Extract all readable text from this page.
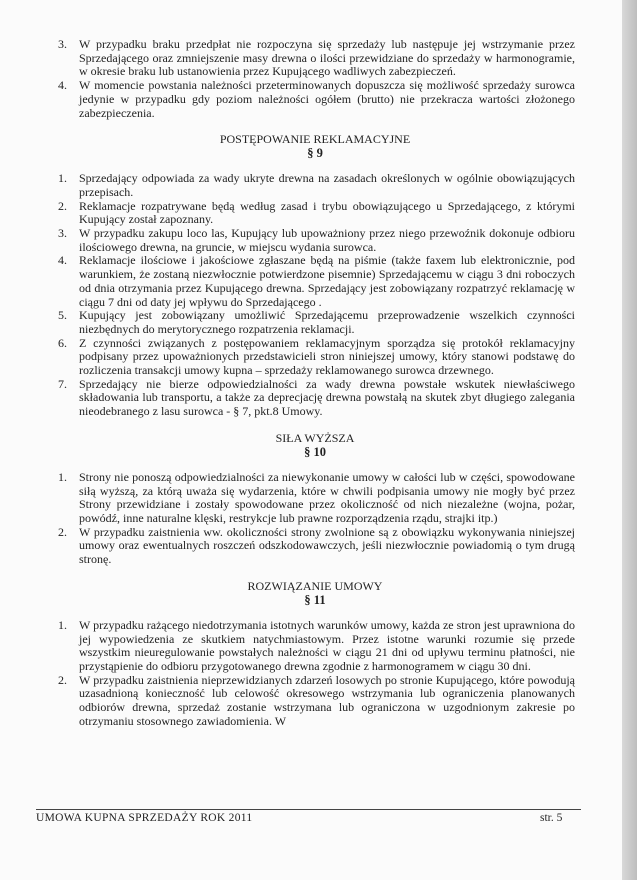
3. W przypadku braku przedpłat nie rozpoczyna się sprzedaży lub następuje jej wstrzymanie przez Sprzedającego oraz zmniejszenie masy drewna o ilości przewidziane do sprzedaży w harmonogramie, w okresie braku lub ustanowienia przez Kupującego wadliwych zabezpieczeń.
4. W momencie powstania należności przeterminowanych dopuszcza się możliwość sprzedaży surowca jedynie w przypadku gdy poziom należności ogółem (brutto) nie przekracza wartości złożonego zabezpieczenia.
POSTĘPOWANIE REKLAMACYJNE
§ 9
1. Sprzedający odpowiada za wady ukryte drewna na zasadach określonych w ogólnie obowiązujących przepisach.
2. Reklamacje rozpatrywane będą według zasad i trybu obowiązującego u Sprzedającego, z którymi Kupujący został zapoznany.
3. W przypadku zakupu loco las, Kupujący lub upoważniony przez niego przewoźnik dokonuje odbioru ilościowego drewna, na gruncie, w miejscu wydania surowca.
4. Reklamacje ilościowe i jakościowe zgłaszane będą na piśmie (także faxem lub elektronicznie, pod warunkiem, że zostaną niezwłocznie potwierdzone pisemnie) Sprzedającemu w ciągu 3 dni roboczych od dnia otrzymania przez Kupującego drewna. Sprzedający jest zobowiązany rozpatrzyć reklamację w ciągu 7 dni od daty jej wpływu do Sprzedającego .
5. Kupujący jest zobowiązany umożliwić Sprzedającemu przeprowadzenie wszelkich czynności niezbędnych do merytorycznego rozpatrzenia reklamacji.
6. Z czynności związanych z postępowaniem reklamacyjnym sporządza się protokół reklamacyjny podpisany przez upoważnionych przedstawicieli stron niniejszej umowy, który stanowi podstawę do rozliczenia transakcji umowy kupna – sprzedaży reklamowanego surowca drzewnego.
7. Sprzedający nie bierze odpowiedzialności za wady drewna powstałe wskutek niewłaściwego składowania lub transportu, a także za deprecjację drewna powstałą na skutek zbyt długiego zalegania nieodebranego z lasu surowca - § 7, pkt.8 Umowy.
SIŁA WYŻSZA
§ 10
1. Strony nie ponoszą odpowiedzialności za niewykonanie umowy w całości lub w części, spowodowane siłą wyższą, za którą uważa się wydarzenia, które w chwili podpisania umowy nie mogły być przez Strony przewidziane i zostały spowodowane przez okoliczność od nich niezależne (wojna, pożar, powódź, inne naturalne klęski, restrykcje lub prawne rozporządzenia rządu, strajki itp.)
2. W przypadku zaistnienia ww. okoliczności strony zwolnione są z obowiązku wykonywania niniejszej umowy oraz ewentualnych roszczeń odszkodowawczych, jeśli niezwłocznie powiadomią o tym drugą stronę.
ROZWIĄZANIE UMOWY
§ 11
1. W przypadku rażącego niedotrzymania istotnych warunków umowy, każda ze stron jest uprawniona do jej wypowiedzenia ze skutkiem natychmiastowym. Przez istotne warunki rozumie się przede wszystkim nieuregulowanie powstałych należności w ciągu 21 dni od upływu terminu płatności, nie przystąpienie do odbioru przygotowanego drewna zgodnie z harmonogramem w ciągu 30 dni.
2. W przypadku zaistnienia nieprzewidzianych zdarzeń losowych po stronie Kupującego, które powodują uzasadnioną konieczność lub celowość okresowego wstrzymania lub ograniczenia planowanych odbiorów drewna, sprzedaż zostanie wstrzymana lub ograniczona w uzgodnionym zakresie po otrzymaniu stosownego zawiadomienia. W
UMOWA KUPNA SPRZEDAŻY ROK 2011	str. 5
